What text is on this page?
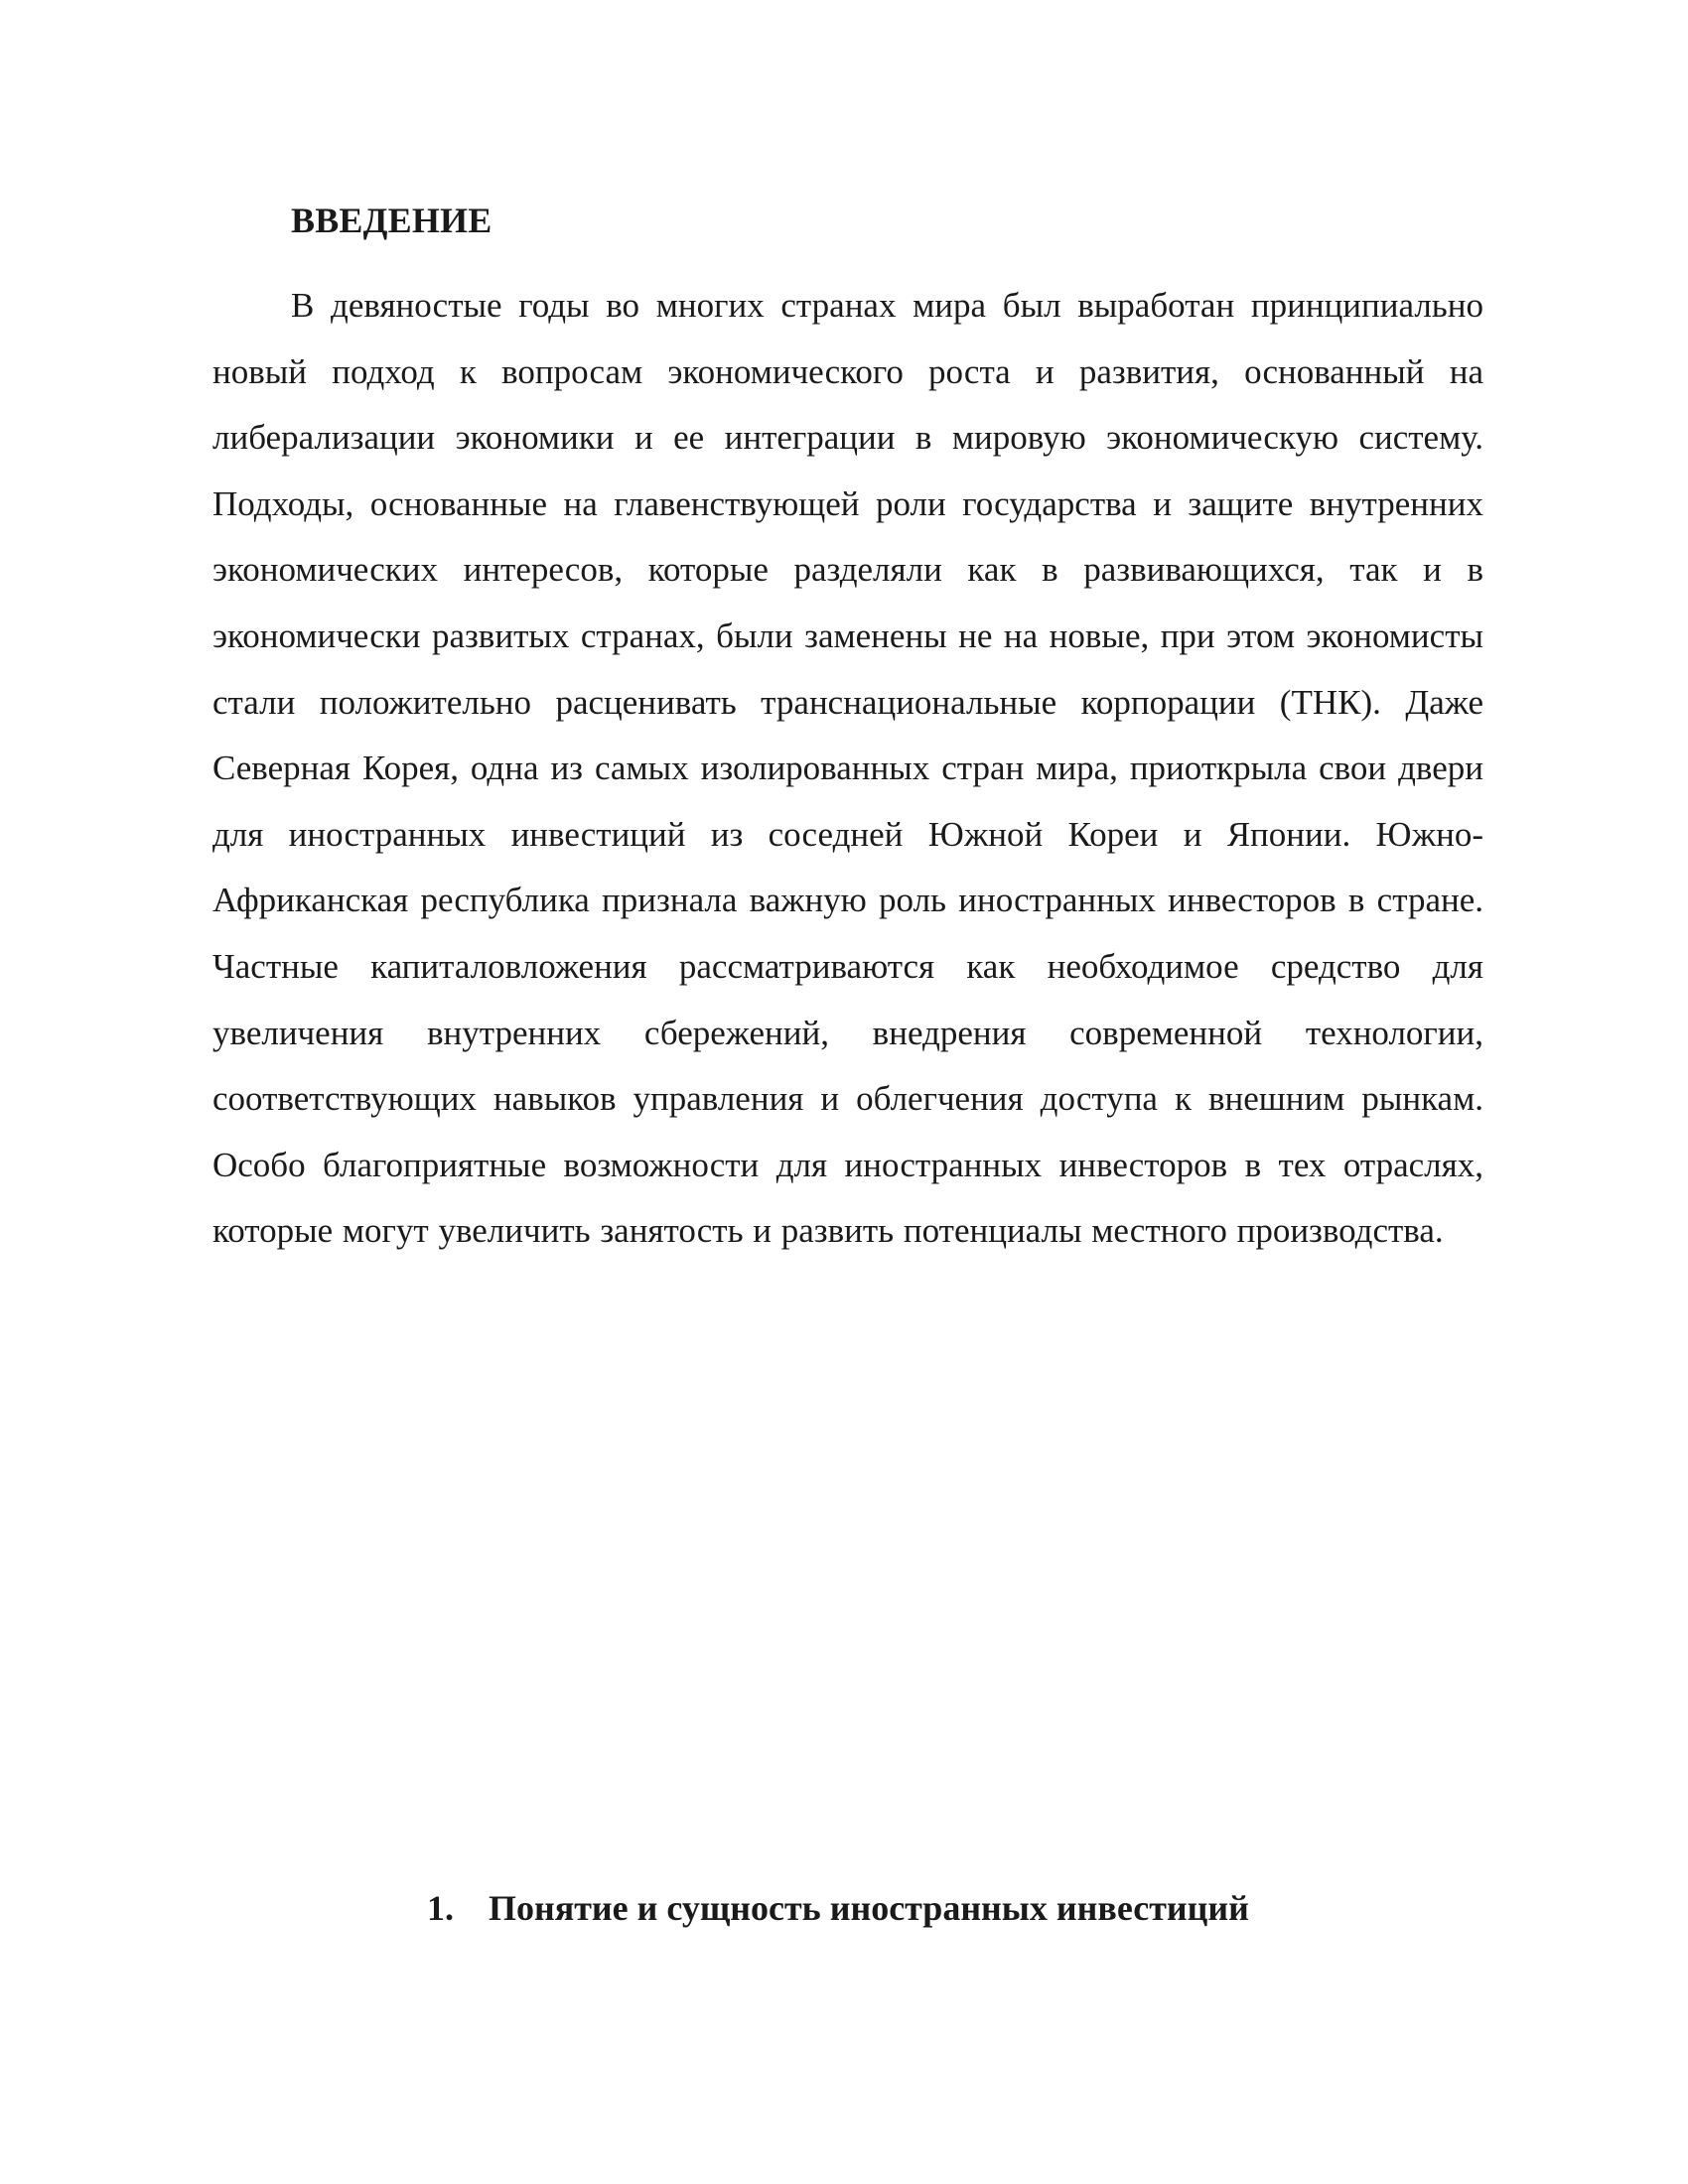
ВВЕДЕНИЕ

В девяностые годы во многих странах мира был выработан принципиально новый подход к вопросам экономического роста и развития, основанный на либерализации экономики и ее интеграции в мировую экономическую систему. Подходы, основанные на главенствующей роли государства и защите внутренних экономических интересов, которые разделяли как в развивающихся, так и в экономически развитых странах, были заменены не на новые, при этом экономисты стали положительно расценивать транснациональные корпорации (ТНК). Даже Северная Корея, одна из самых изолированных стран мира, приоткрыла свои двери для иностранных инвестиций из соседней Южной Кореи и Японии. Южно-Африканская республика признала важную роль иностранных инвесторов в стране. Частные капиталовложения рассматриваются как необходимое средство для увеличения внутренних сбережений, внедрения современной технологии, соответствующих навыков управления и облегчения доступа к внешним рынкам. Особо благоприятные возможности для иностранных инвесторов в тех отраслях, которые могут увеличить занятость и развить потенциалы местного производства.

1. Понятие и сущность иностранных инвестиций
